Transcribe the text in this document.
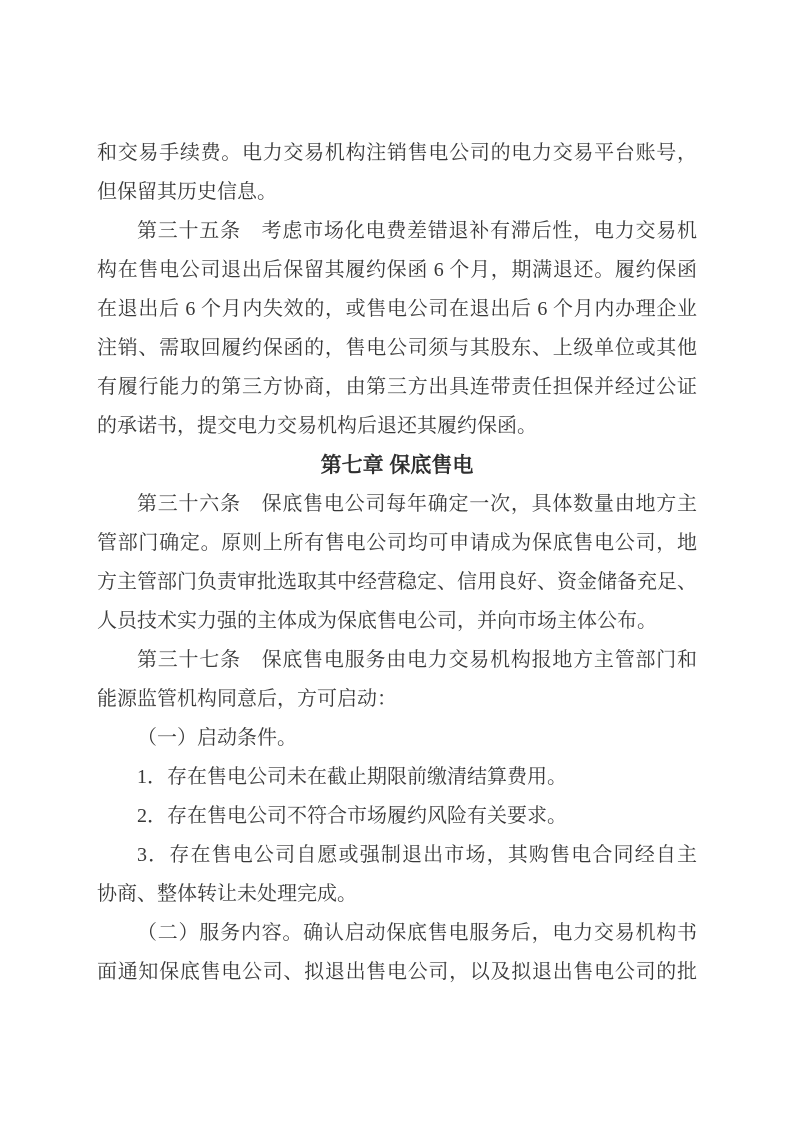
和交易手续费。电力交易机构注销售电公司的电力交易平台账号，
但保留其历史信息。
第三十五条　考虑市场化电费差错退补有滞后性，电力交易机
构在售电公司退出后保留其履约保函 6 个月，期满退还。履约保函
在退出后 6 个月内失效的，或售电公司在退出后 6 个月内办理企业
注销、需取回履约保函的，售电公司须与其股东、上级单位或其他
有履行能力的第三方协商，由第三方出具连带责任担保并经过公证
的承诺书，提交电力交易机构后退还其履约保函。
第七章 保底售电
第三十六条　保底售电公司每年确定一次，具体数量由地方主
管部门确定。原则上所有售电公司均可申请成为保底售电公司，地
方主管部门负责审批选取其中经营稳定、信用良好、资金储备充足、
人员技术实力强的主体成为保底售电公司，并向市场主体公布。
第三十七条　保底售电服务由电力交易机构报地方主管部门和
能源监管机构同意后，方可启动：
（一）启动条件。
1．存在售电公司未在截止期限前缴清结算费用。
2．存在售电公司不符合市场履约风险有关要求。
3．存在售电公司自愿或强制退出市场，其购售电合同经自主
协商、整体转让未处理完成。
（二）服务内容。确认启动保底售电服务后，电力交易机构书
面通知保底售电公司、拟退出售电公司，以及拟退出售电公司的批
